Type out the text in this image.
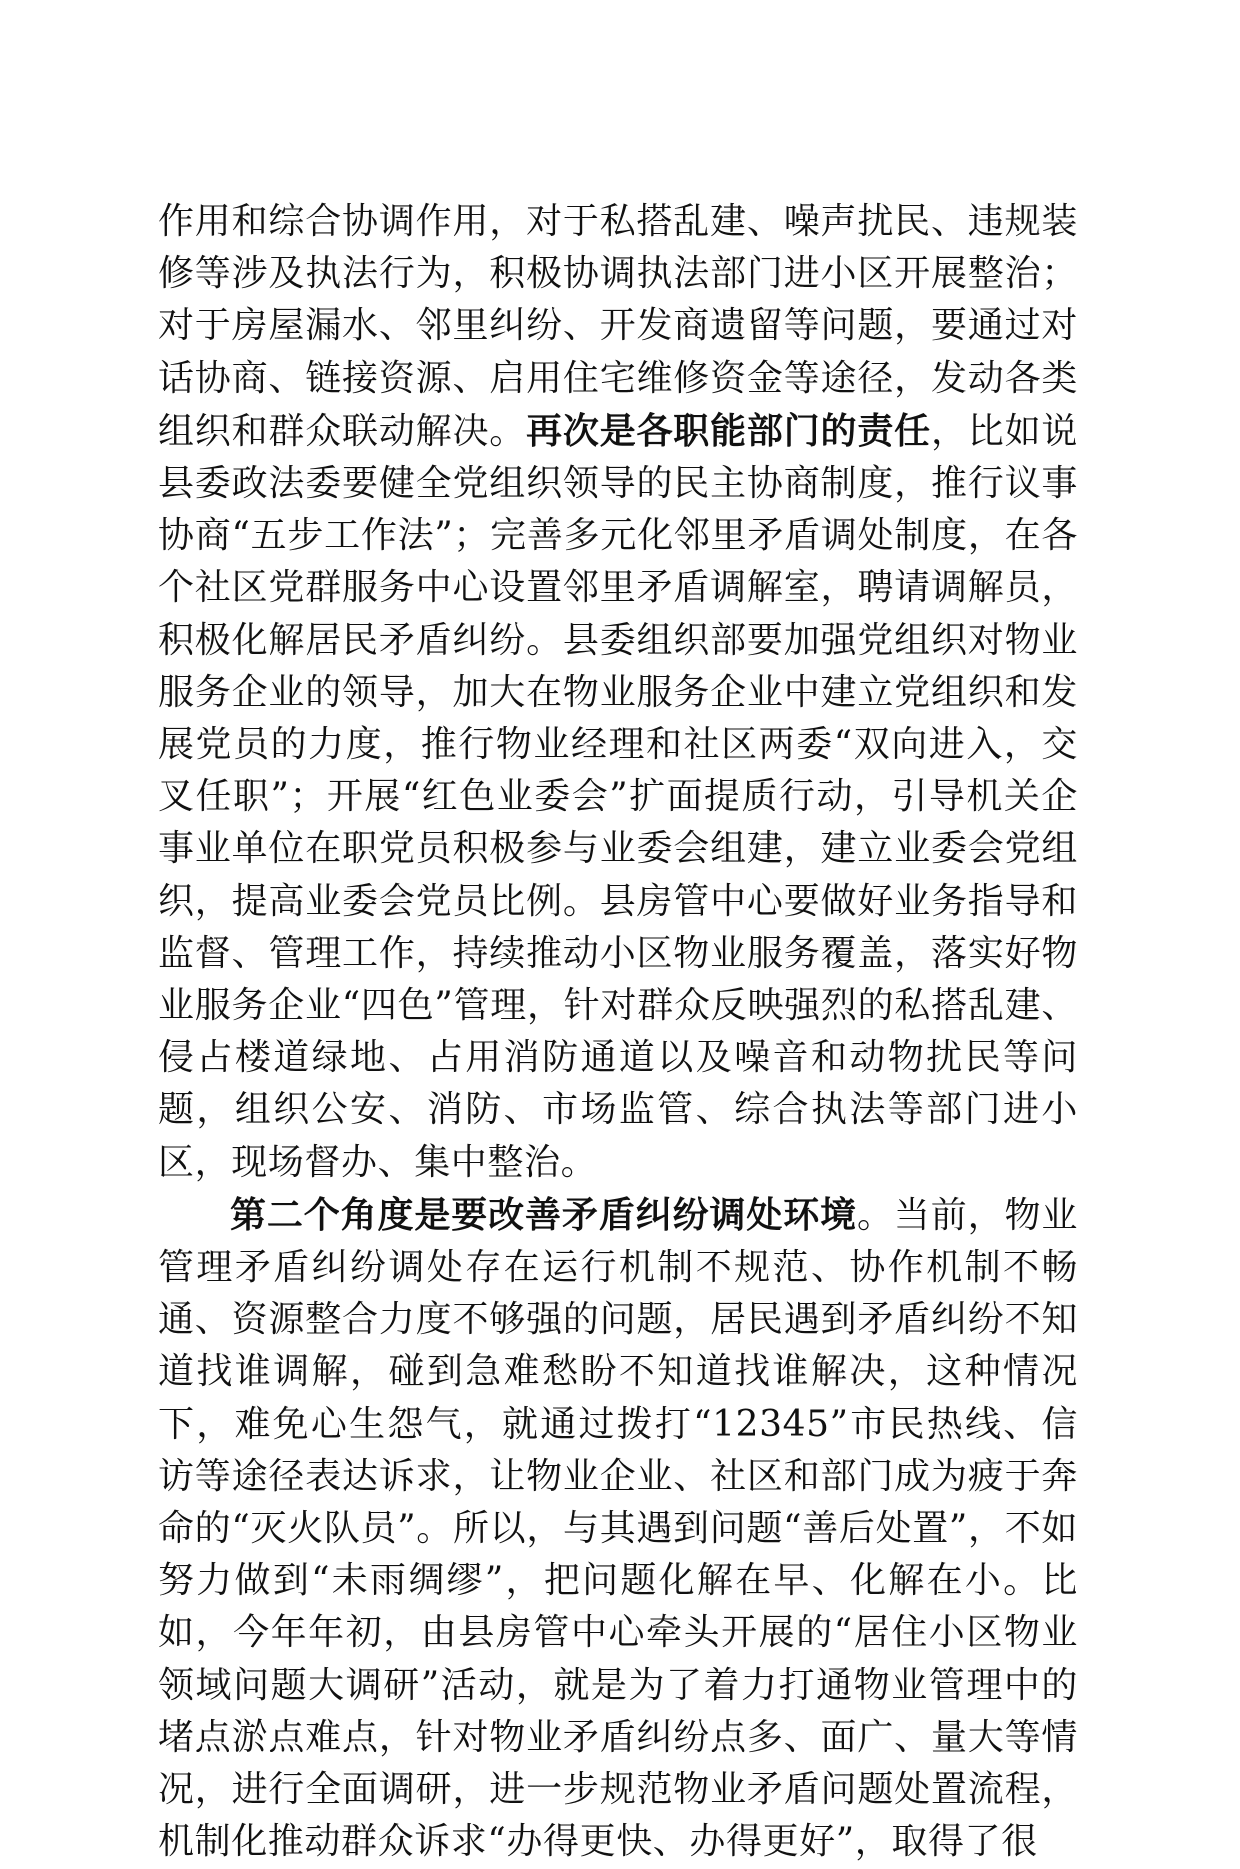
作用和综合协调作用，对于私搭乱建、噪声扰民、违规装修等涉及执法行为，积极协调执法部门进小区开展整治；对于房屋漏水、邻里纠纷、开发商遗留等问题，要通过对话协商、链接资源、启用住宅维修资金等途径，发动各类组织和群众联动解决。再次是各职能部门的责任，比如说县委政法委要健全党组织领导的民主协商制度，推行议事协商“五步工作法”；完善多元化邻里矛盾调处制度，在各个社区党群服务中心设置邻里矛盾调解室，聘请调解员，积极化解居民矛盾纠纷。县委组织部要加强党组织对物业服务企业的领导，加大在物业服务企业中建立党组织和发展党员的力度，推行物业经理和社区两委“双向进入，交叉任职”；开展“红色业委会”扩面提质行动，引导机关企事业单位在职党员积极参与业委会组建，建立业委会党组织，提高业委会党员比例。县房管中心要做好业务指导和监督、管理工作，持续推动小区物业服务覆盖，落实好物业服务企业“四色”管理，针对群众反映强烈的私搭乱建、侵占楼道绿地、占用消防通道以及噪音和动物扰民等问题，组织公安、消防、市场监管、综合执法等部门进小区，现场督办、集中整治。

第二个角度是要改善矛盾纠纷调处环境。当前，物业管理矛盾纠纷调处存在运行机制不规范、协作机制不畅通、资源整合力度不够强的问题，居民遇到矛盾纠纷不知道找谁调解，碰到急难愁盼不知道找谁解决，这种情况下，难免心生怨气，就通过拨打“12345”市民热线、信访等途径表达诉求，让物业企业、社区和部门成为疲于奔命的“灭火队员”。所以，与其遇到问题“善后处置”，不如努力做到“未雨绸缪”，把问题化解在早、化解在小。比如，今年年初，由县房管中心牵头开展的“居住小区物业领域问题大调研”活动，就是为了着力打通物业管理中的堵点淤点难点，针对物业矛盾纠纷点多、面广、量大等情况，进行全面调研，进一步规范物业矛盾问题处置流程，机制化推动群众诉求“办得更快、办得更好”，取得了很
